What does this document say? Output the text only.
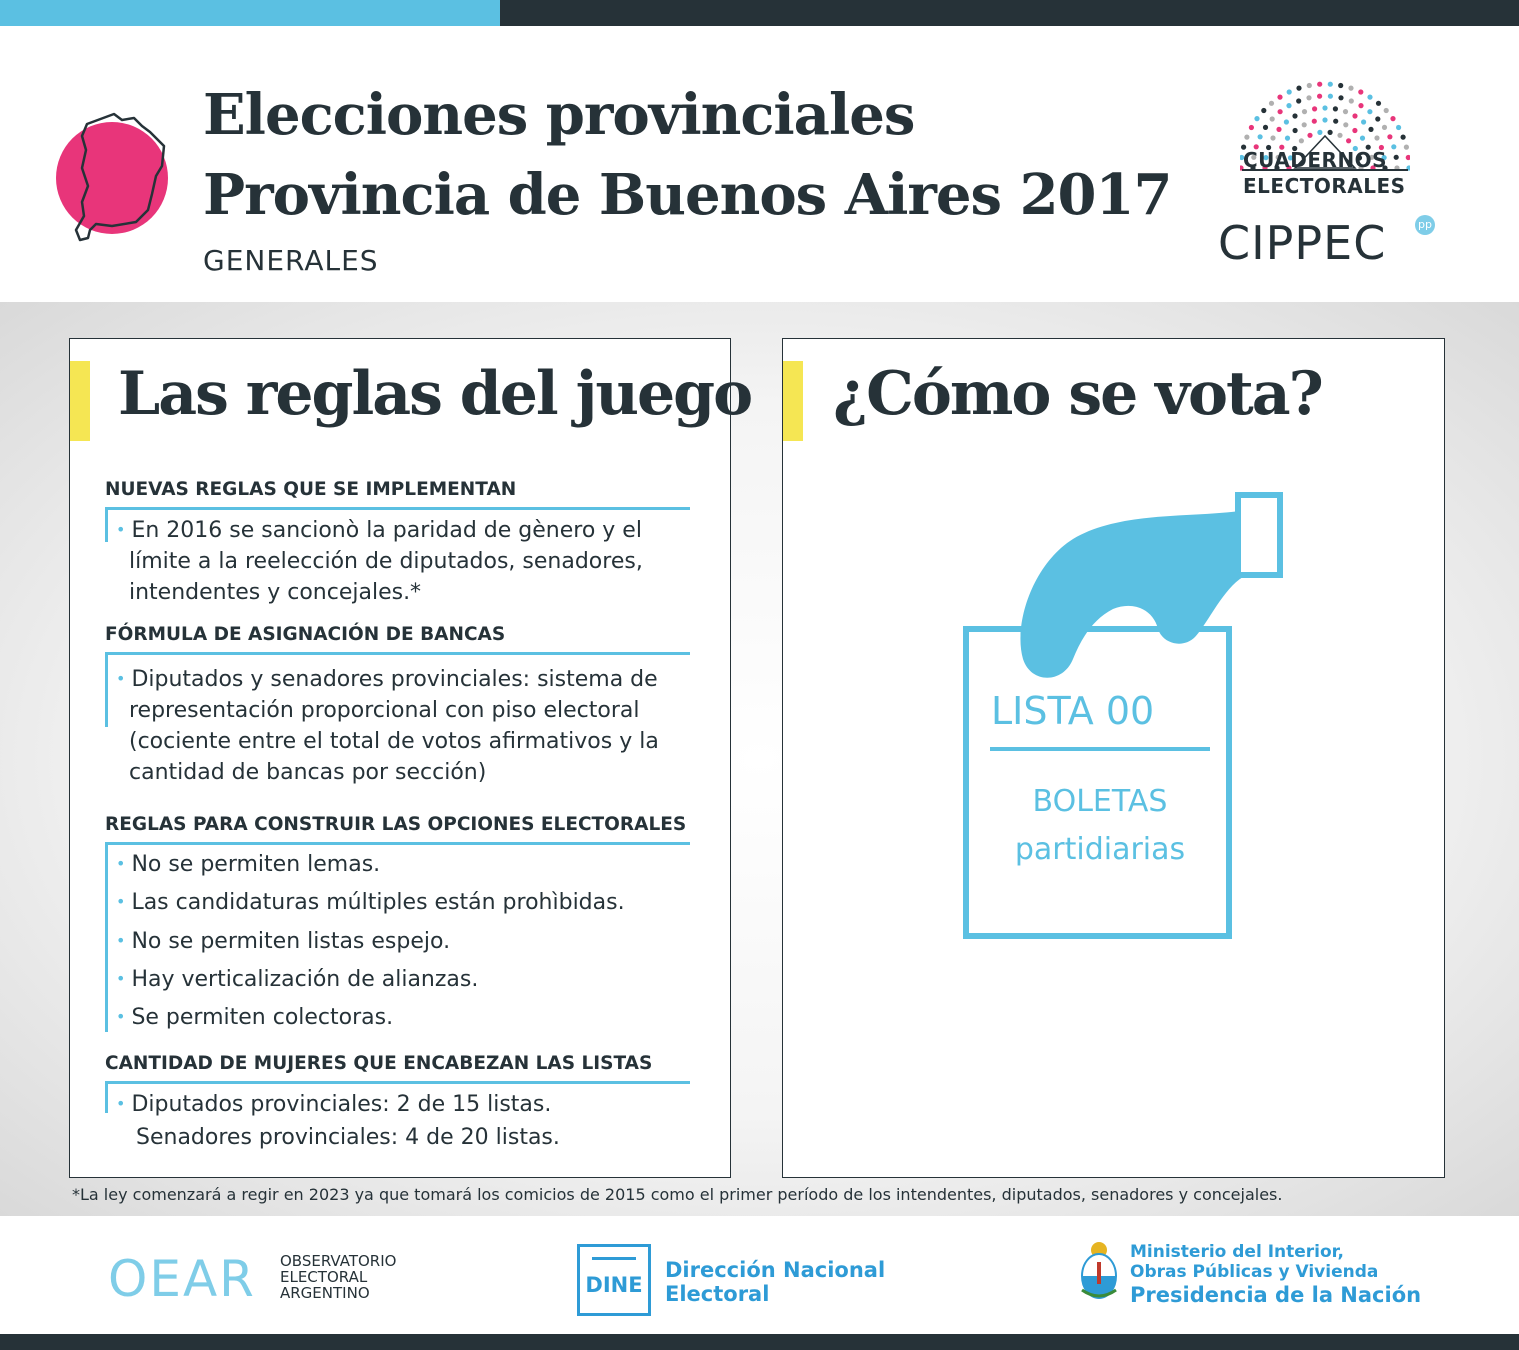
Elecciones provinciales
Provincia de Buenos Aires 2017
GENERALES
CUADERNOS
ELECTORALES
CIPPEC	pp
Las reglas del juego
NUEVAS REGLAS QUE SE IMPLEMENTAN
• En 2016 se sancionò la paridad de gènero y el
límite a la reelección de diputados, senadores,
intendentes y concejales.*
FÓRMULA DE ASIGNACIÓN DE BANCAS
• Diputados y senadores provinciales: sistema de
representación proporcional con piso electoral
(cociente entre el total de votos afirmativos y la
cantidad de bancas por sección)
REGLAS PARA CONSTRUIR LAS OPCIONES ELECTORALES
• No se permiten lemas.
• Las candidaturas múltiples están prohìbidas.
• No se permiten listas espejo.
• Hay verticalización de alianzas.
• Se permiten colectoras.
CANTIDAD DE MUJERES QUE ENCABEZAN LAS LISTAS
• Diputados provinciales: 2 de 15 listas.
Senadores provinciales: 4 de 20 listas.
¿Cómo se vota?
LISTA 00
BOLETAS
partidiarias
*La ley comenzará a regir en 2023 ya que tomará los comicios de 2015 como el primer período de los intendentes, diputados, senadores y concejales.
OEAR OBSERVATORIO
ELECTORAL
ARGENTINO	DINE
Dirección Nacional
Electoral
Ministerio del Interior,
Obras Públicas y Vivienda
Presidencia de la Nación
